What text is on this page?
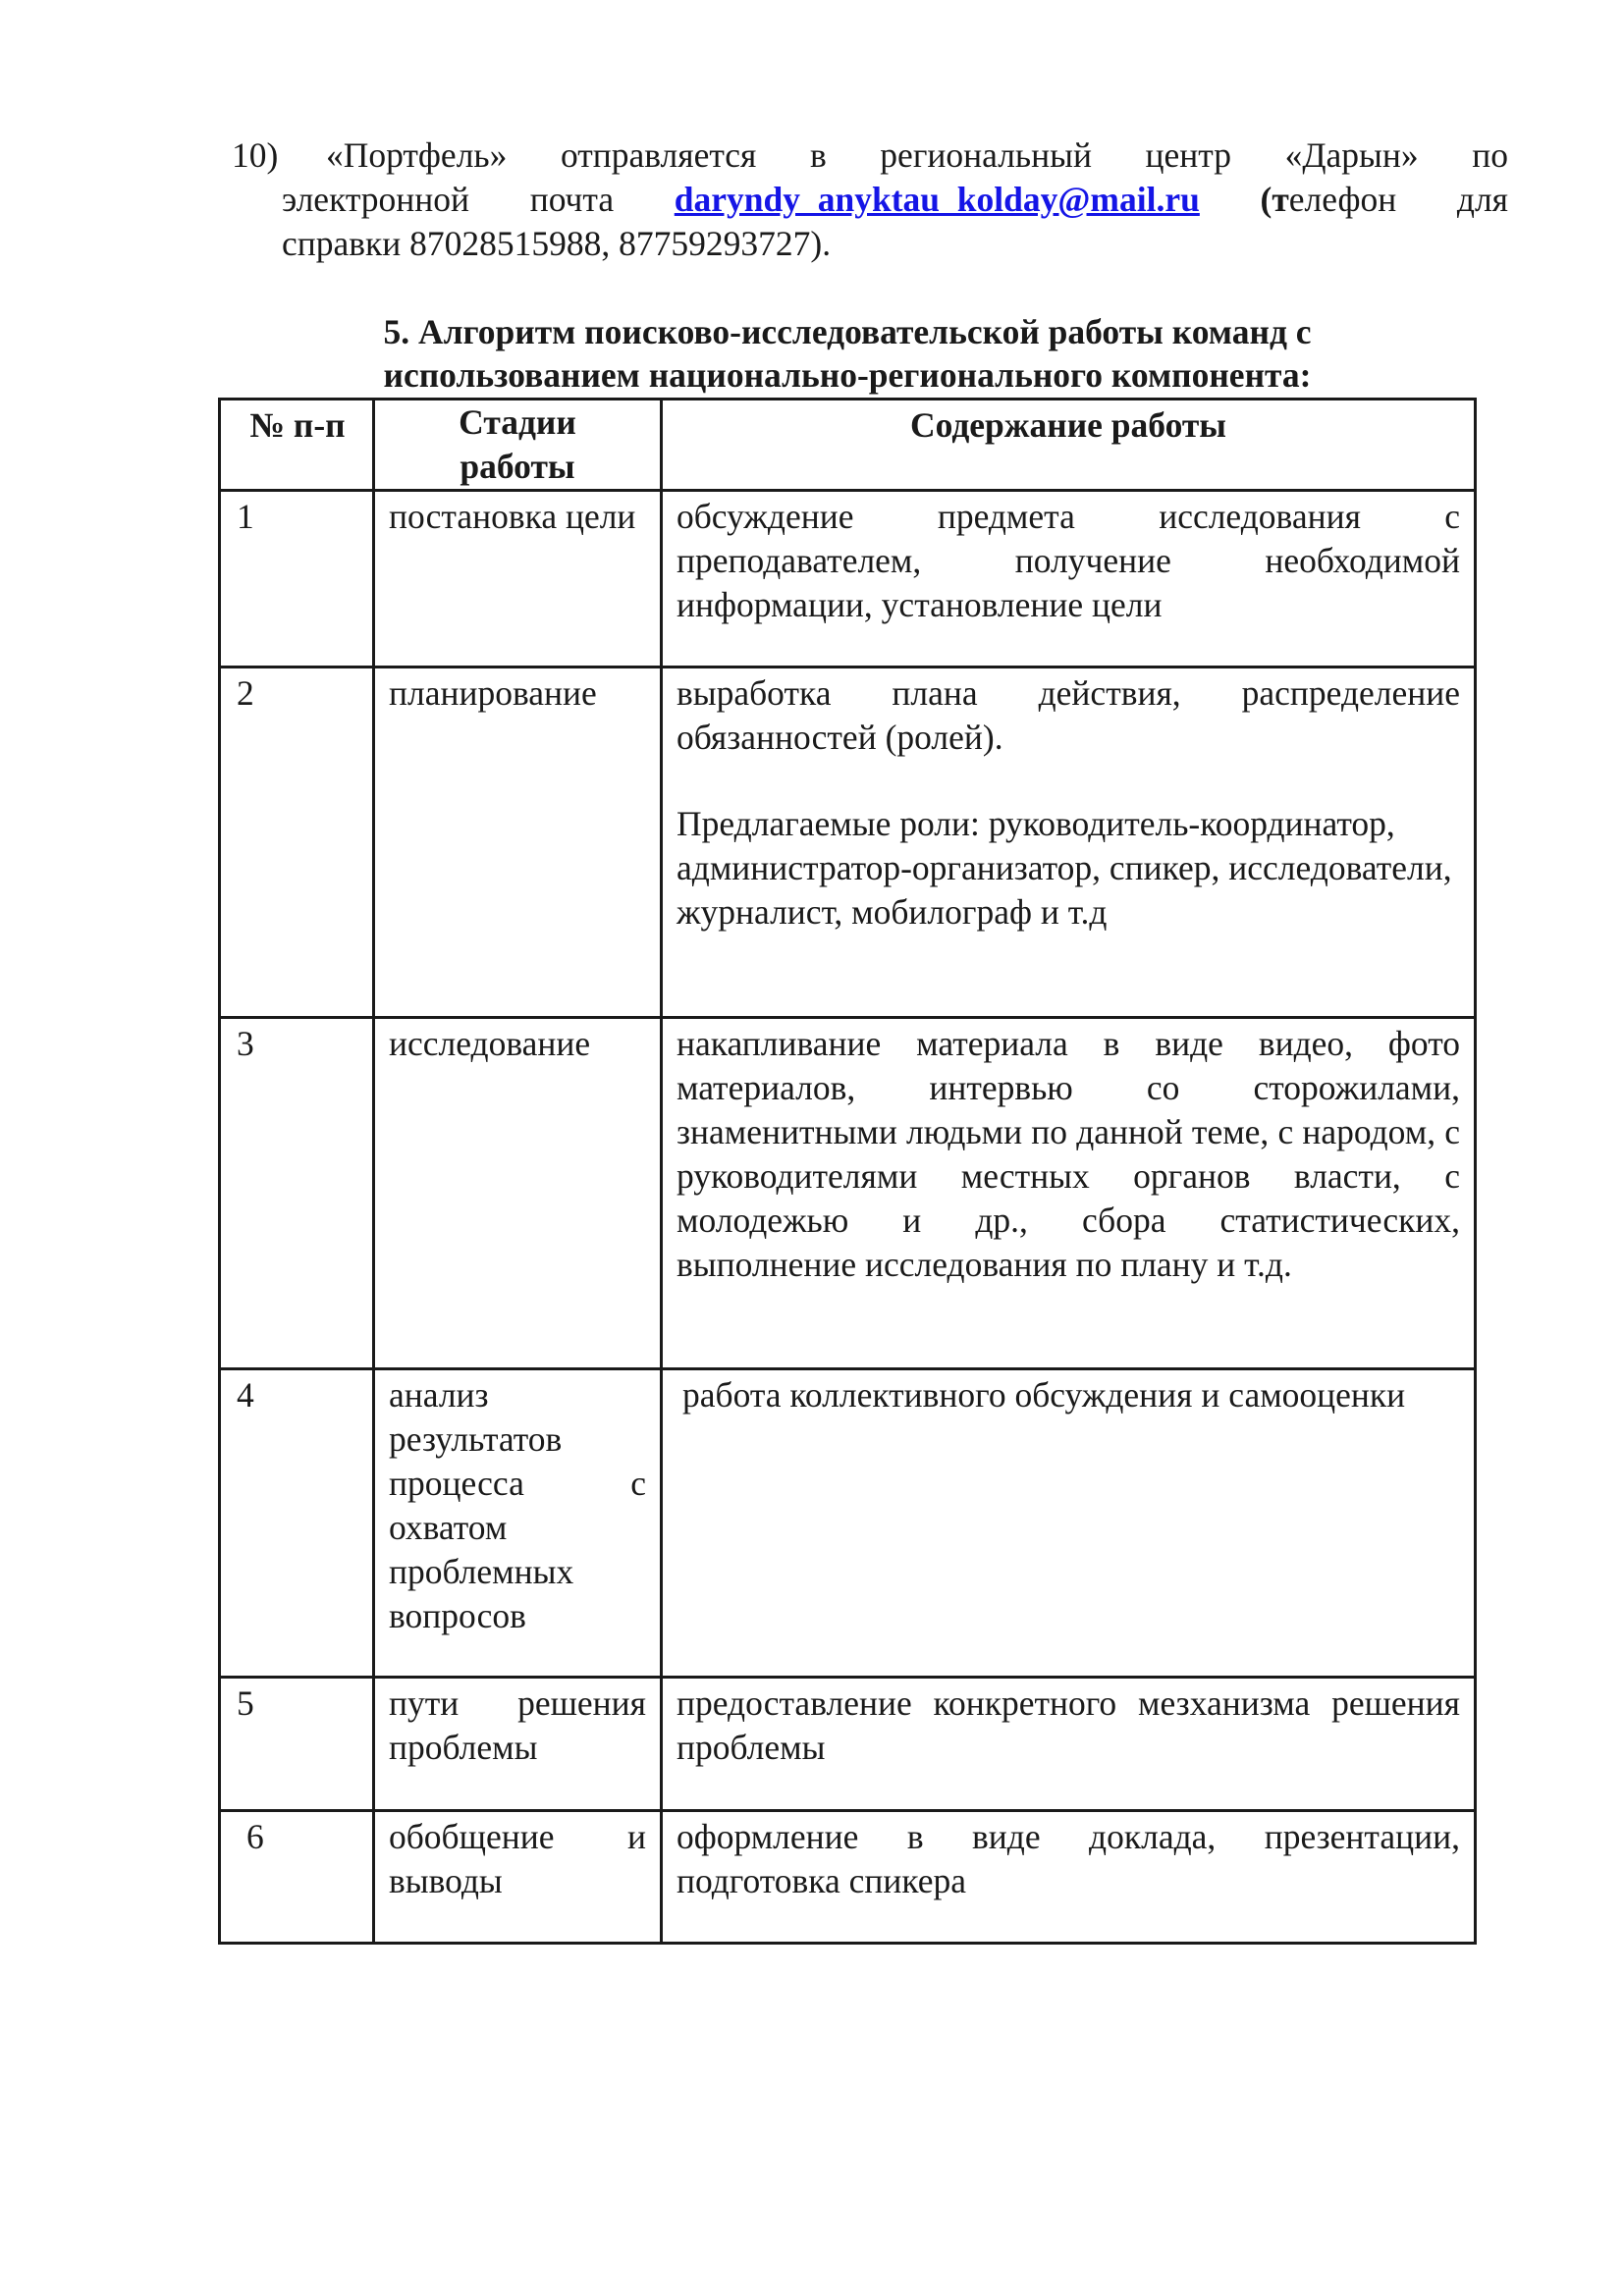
10) «Портфель» отправляется в региональный центр «Дарын» по
электронной почта daryndy_anyktau_kolday@mail.ru (телефон для
справки 87028515988, 87759293727).
5. Алгоритм поисково-исследовательской работы команд с
использованием национально-регионального компонента:
№ п-п	Стадии работы	Содержание работы

1	постановка цели	обсуждение предмета исследования с преподавателем, получение необходимой информации, установление цели

2	планирование	выработка плана действия, распределение обязанностей (ролей).
Предлагаемые роли: руководитель-координатор, администратор-организатор, спикер, исследователи, журналист, мобилограф и т.д

3	исследование	накапливание материала в виде видео, фото материалов, интервью со сторожилами, знаменитными людьми по данной теме, с народом, с руководителями местных органов власти, с молодежью и др., сбора статистических, выполнение исследования по плану и т.д.

4	анализ результатов процесса с охватом проблемных вопросов	работа коллективного обсуждения и самооценки

5	пути решения проблемы	предоставление конкретного мезханизма решения проблемы

6	обобщение и выводы	оформление в виде доклада, презентации, подготовка спикера
